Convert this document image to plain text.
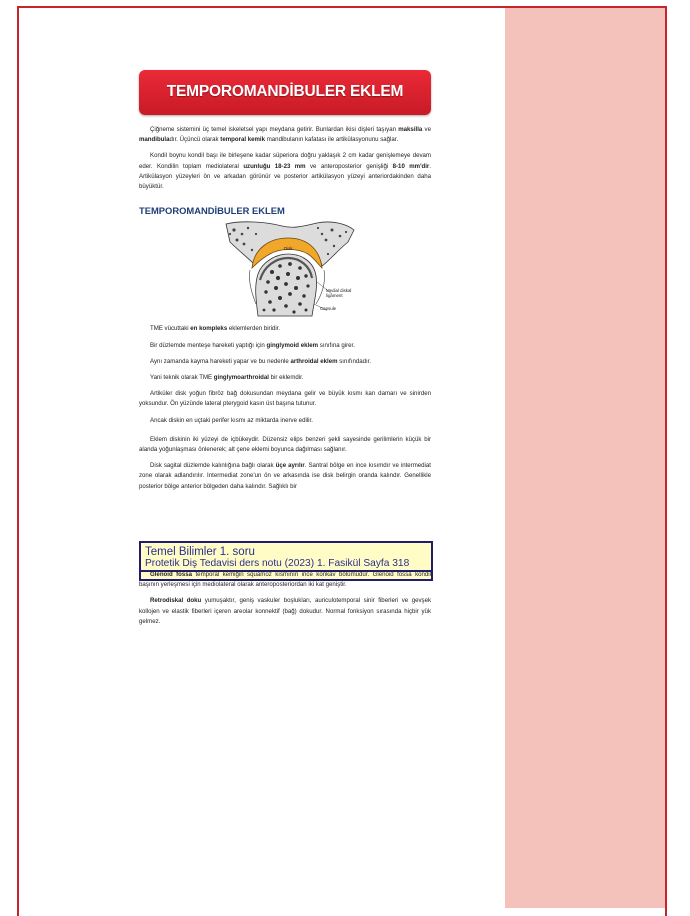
TEMPOROMANDİBULER EKLEM

Çiğneme sistemini üç temel iskeletsel yapı meydana getirir. Bunlardan ikisi dişleri taşıyan maksilla ve mandibuladır. Üçüncü olarak temporal kemik mandibulanın kafatası ile artikülasyonunu sağlar.

Kondil boynu kondil başı ile birleşene kadar süperiora doğru yaklaşık 2 cm kadar genişlemeye devam eder. Kondilin toplam mediolateral uzunluğu 18-23 mm ve anteroposterior genişliği 8-10 mm'dir. Artikülasyon yüzeyleri ön ve arkadan görünür ve posterior artikülasyon yüzeyi anteriordakinden daha büyüktür.

TEMPOROMANDİBULER EKLEM
Disk
Medial diskal
ligament
Capsule

TME vücuttaki en kompleks eklemlerden biridir.

Bir düzlemde menteşe hareketi yaptığı için ginglymoid eklem sınıfına girer.

Aynı zamanda kayma hareketi yapar ve bu nedenle arthroidal eklem sınıfındadır.

Yani teknik olarak TME ginglymoarthroidal bir eklemdir.

Artiküler disk yoğun fibröz bağ dokusundan meydana gelir ve büyük kısmı kan damarı ve sinirden yoksundur. Ön yüzünde lateral pterygoid kasın üst başına tutunur.

Ancak diskin en uçtaki perifer kısmı az miktarda inerve edilir.

Eklem diskinin iki yüzeyi de içbükeydir. Düzensiz elips benzeri şekli sayesinde gerilimlerin küçük bir alanda yoğunlaşması önlenerek; alt çene eklemi boyunca dağılması sağlanır.

Disk sagital düzlemde kalınlığına bağlı olarak üçe ayrılır. Santral bölge en ince kısımdır ve intermediat zone olarak adlandırılır. Intermediat zone'un ön ve arkasında ise disk belirgin oranda kalındır. Genellikle posterior bölge anterior bölgeden daha kalındır. Sağlıklı bir

Temel Bilimler 1. soru
Protetik Diş Tedavisi ders notu (2023) 1. Fasikül Sayfa 318

Glenoid fossa temporal kemiğin squamoz kısmının ince konkav bölümüdür. Glenoid fossa kondil başının yerleşmesi için mediolateral olarak anteroposteriordan iki kat geniştir.

Retrodiskal doku yumuşaktır, geniş vaskuler boşlukları, auriculotemporal sinir fiberleri ve gevşek kollojen ve elastik fiberleri içeren areolar konnektif (bağ) dokudur. Normal fonksiyon sırasında hiçbir yük gelmez.
